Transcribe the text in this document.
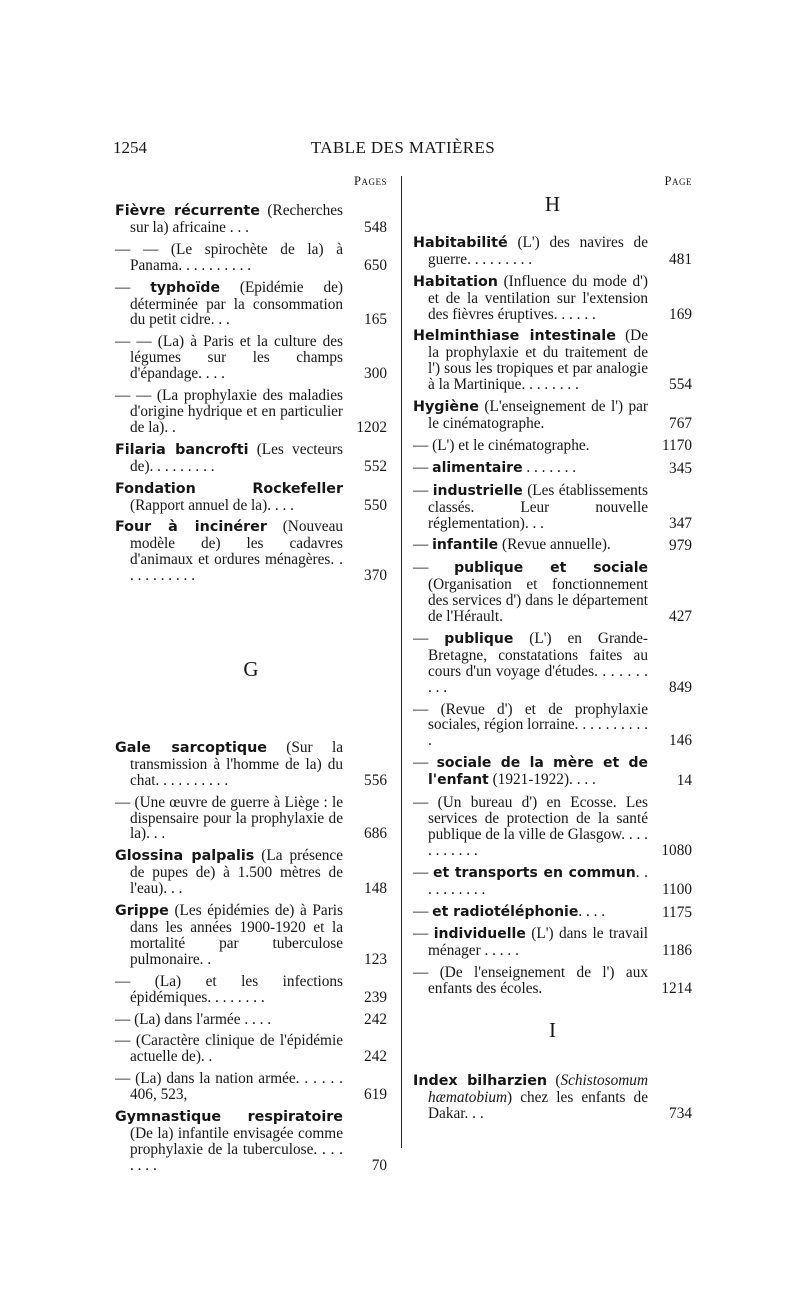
1254	TABLE DES MATIÈRES
Pages
Fièvre récurrente (Recherches sur la) africaine . . .	548
— — (Le spirochète de la) à Panama. . . . . . . . . .	650
— typhoïde (Epidémie de) déterminée par la consommation du petit cidre. . .	165
— — (La) à Paris et la culture des légumes sur les champs d'épandage. . . .	300
— — (La prophylaxie des maladies d'origine hydrique et en particulier de la). .	1202
Filaria bancrofti (Les vecteurs de). . . . . . . . .	552
Fondation Rockefeller (Rapport annuel de la). . . .	550
Four à incinérer (Nouveau modèle de) les cadavres d'animaux et ordures ménagères. . . . . . . . . . .	370
G
Gale sarcoptique (Sur la transmission à l'homme de la) du chat. . . . . . . . . .	556
— (Une œuvre de guerre à Liège : le dispensaire pour la prophylaxie de la). . .	686
Glossina palpalis (La présence de pupes de) à 1.500 mètres de l'eau). . .	148
Grippe (Les épidémies de) à Paris dans les années 1900-1920 et la mortalité par tuberculose pulmonaire. .	123
— (La) et les infections épidémiques. . . . . . . .	239
— (La) dans l'armée . . . .	242
— (Caractère clinique de l'épidémie actuelle de). .	242
— (La) dans la nation armée. . . . . . 406, 523,	619
Gymnastique respiratoire (De la) infantile envisagée comme prophylaxie de la tuberculose. . . . . . . .	70
Page
H
Habitabilité (L') des navires de guerre. . . . . . . . .	481
Habitation (Influence du mode d') et de la ventilation sur l'extension des fièvres éruptives. . . . . .	169
Helminthiase intestinale (De la prophylaxie et du traitement de l') sous les tropiques et par analogie à la Martinique. . . . . . . .	554
Hygiène (L'enseignement de l') par le cinématographe.	767
— (L') et le cinématographe.	1170
— alimentaire . . . . . . .	345
— industrielle (Les établissements classés. Leur nouvelle réglementation). . .	347
— infantile (Revue annuelle).	979
— publique et sociale (Organisation et fonctionnement des services d') dans le département de l'Hérault.	427
— publique (L') en Grande-Bretagne, constatations faites au cours d'un voyage d'études. . . . . . . . . .	849
— (Revue d') et de prophylaxie sociales, région lorraine. . . . . . . . . . .	146
— sociale de la mère et de l'enfant (1921-1922). . . .	14
— (Un bureau d') en Ecosse. Les services de protection de la santé publique de la ville de Glasgow. . . . . . . . . . .	1080
— et transports en commun. . . . . . . . . .	1100
— et radiotéléphonie. . . .	1175
— individuelle (L') dans le travail ménager . . . . .	1186
— (De l'enseignement de l') aux enfants des écoles.	1214
I
Index bilharzien (Schistosomum hæmatobium) chez les enfants de Dakar. . .	734
